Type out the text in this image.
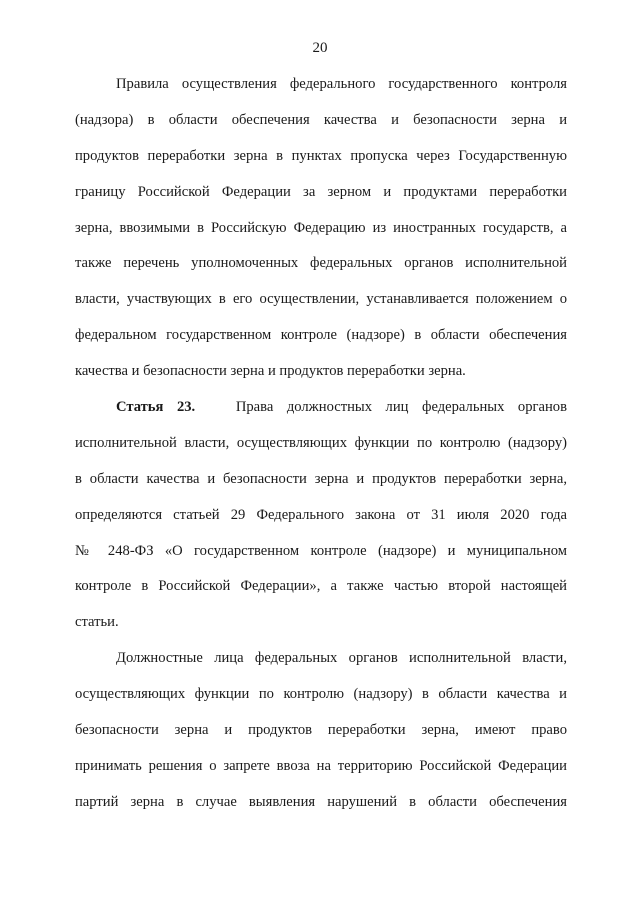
20
Правила осуществления федерального государственного контроля
(надзора) в области обеспечения качества и безопасности зерна и
продуктов переработки зерна в пунктах пропуска через Государственную
границу Российской Федерации за зерном и продуктами переработки
зерна, ввозимыми в Российскую Федерацию из иностранных государств, а
также перечень уполномоченных федеральных органов исполнительной
власти, участвующих в его осуществлении, устанавливается положением о
федеральном государственном контроле (надзоре) в области обеспечения
качества и безопасности зерна и продуктов переработки зерна.
Статья 23.	Права должностных лиц федеральных органов
исполнительной власти, осуществляющих функции по контролю (надзору)
в области качества и безопасности зерна и продуктов переработки зерна,
определяются статьей 29 Федерального закона от 31 июля 2020 года
№ 248-ФЗ «О государственном контроле (надзоре) и муниципальном
контроле в Российской Федерации», а также частью второй настоящей
статьи.
Должностные лица федеральных органов исполнительной власти,
осуществляющих функции по контролю (надзору) в области качества и
безопасности зерна и продуктов переработки зерна, имеют право
принимать решения о запрете ввоза на территорию Российской Федерации
партий зерна в случае выявления нарушений в области обеспечения
